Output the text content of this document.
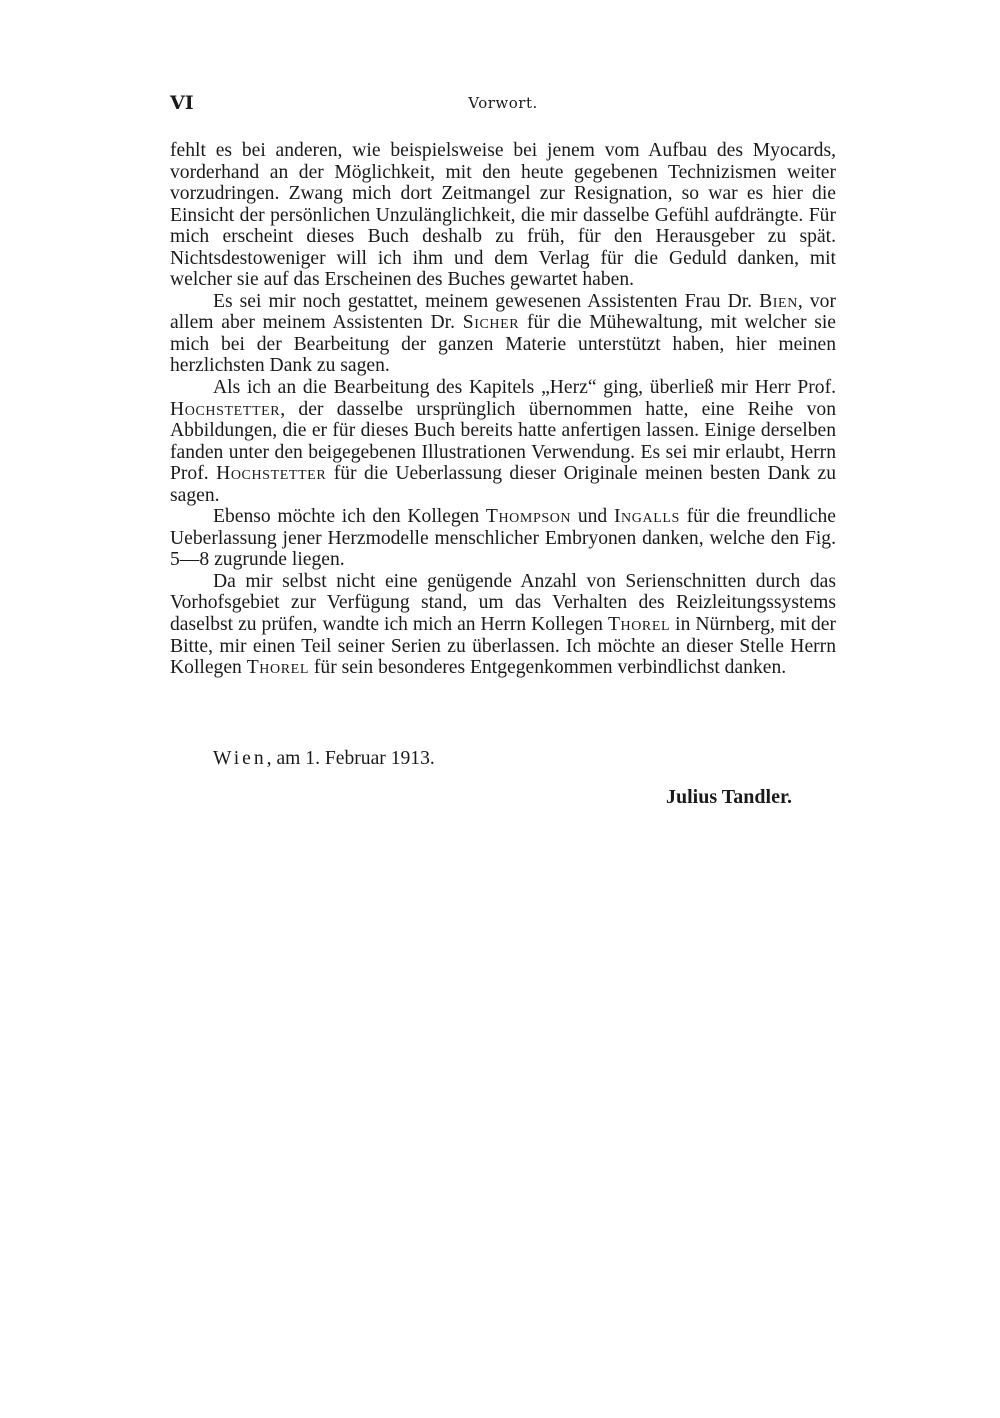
VI	Vorwort.

fehlt es bei anderen, wie beispielsweise bei jenem vom Aufbau des Myocards, vorderhand an der Möglichkeit, mit den heute gegebenen Technizismen weiter vorzudringen. Zwang mich dort Zeitmangel zur Resignation, so war es hier die Einsicht der persönlichen Unzulänglichkeit, die mir dasselbe Gefühl aufdrängte. Für mich erscheint dieses Buch deshalb zu früh, für den Herausgeber zu spät. Nichtsdestoweniger will ich ihm und dem Verlag für die Geduld danken, mit welcher sie auf das Erscheinen des Buches gewartet haben.

Es sei mir noch gestattet, meinem gewesenen Assistenten Frau Dr. Bien, vor allem aber meinem Assistenten Dr. Sicher für die Mühewaltung, mit welcher sie mich bei der Bearbeitung der ganzen Materie unterstützt haben, hier meinen herzlichsten Dank zu sagen.

Als ich an die Bearbeitung des Kapitels „Herz“ ging, überließ mir Herr Prof. Hochstetter, der dasselbe ursprünglich übernommen hatte, eine Reihe von Abbildungen, die er für dieses Buch bereits hatte anfertigen lassen. Einige derselben fanden unter den beigegebenen Illustrationen Verwendung. Es sei mir erlaubt, Herrn Prof. Hochstetter für die Ueberlassung dieser Originale meinen besten Dank zu sagen.

Ebenso möchte ich den Kollegen Thompson und Ingalls für die freundliche Ueberlassung jener Herzmodelle menschlicher Embryonen danken, welche den Fig. 5—8 zugrunde liegen.

Da mir selbst nicht eine genügende Anzahl von Serienschnitten durch das Vorhofsgebiet zur Verfügung stand, um das Verhalten des Reizleitungssystems daselbst zu prüfen, wandte ich mich an Herrn Kollegen Thorel in Nürnberg, mit der Bitte, mir einen Teil seiner Serien zu überlassen. Ich möchte an dieser Stelle Herrn Kollegen Thorel für sein besonderes Entgegenkommen verbindlichst danken.

Wien, am 1. Februar 1913.
Julius Tandler.
